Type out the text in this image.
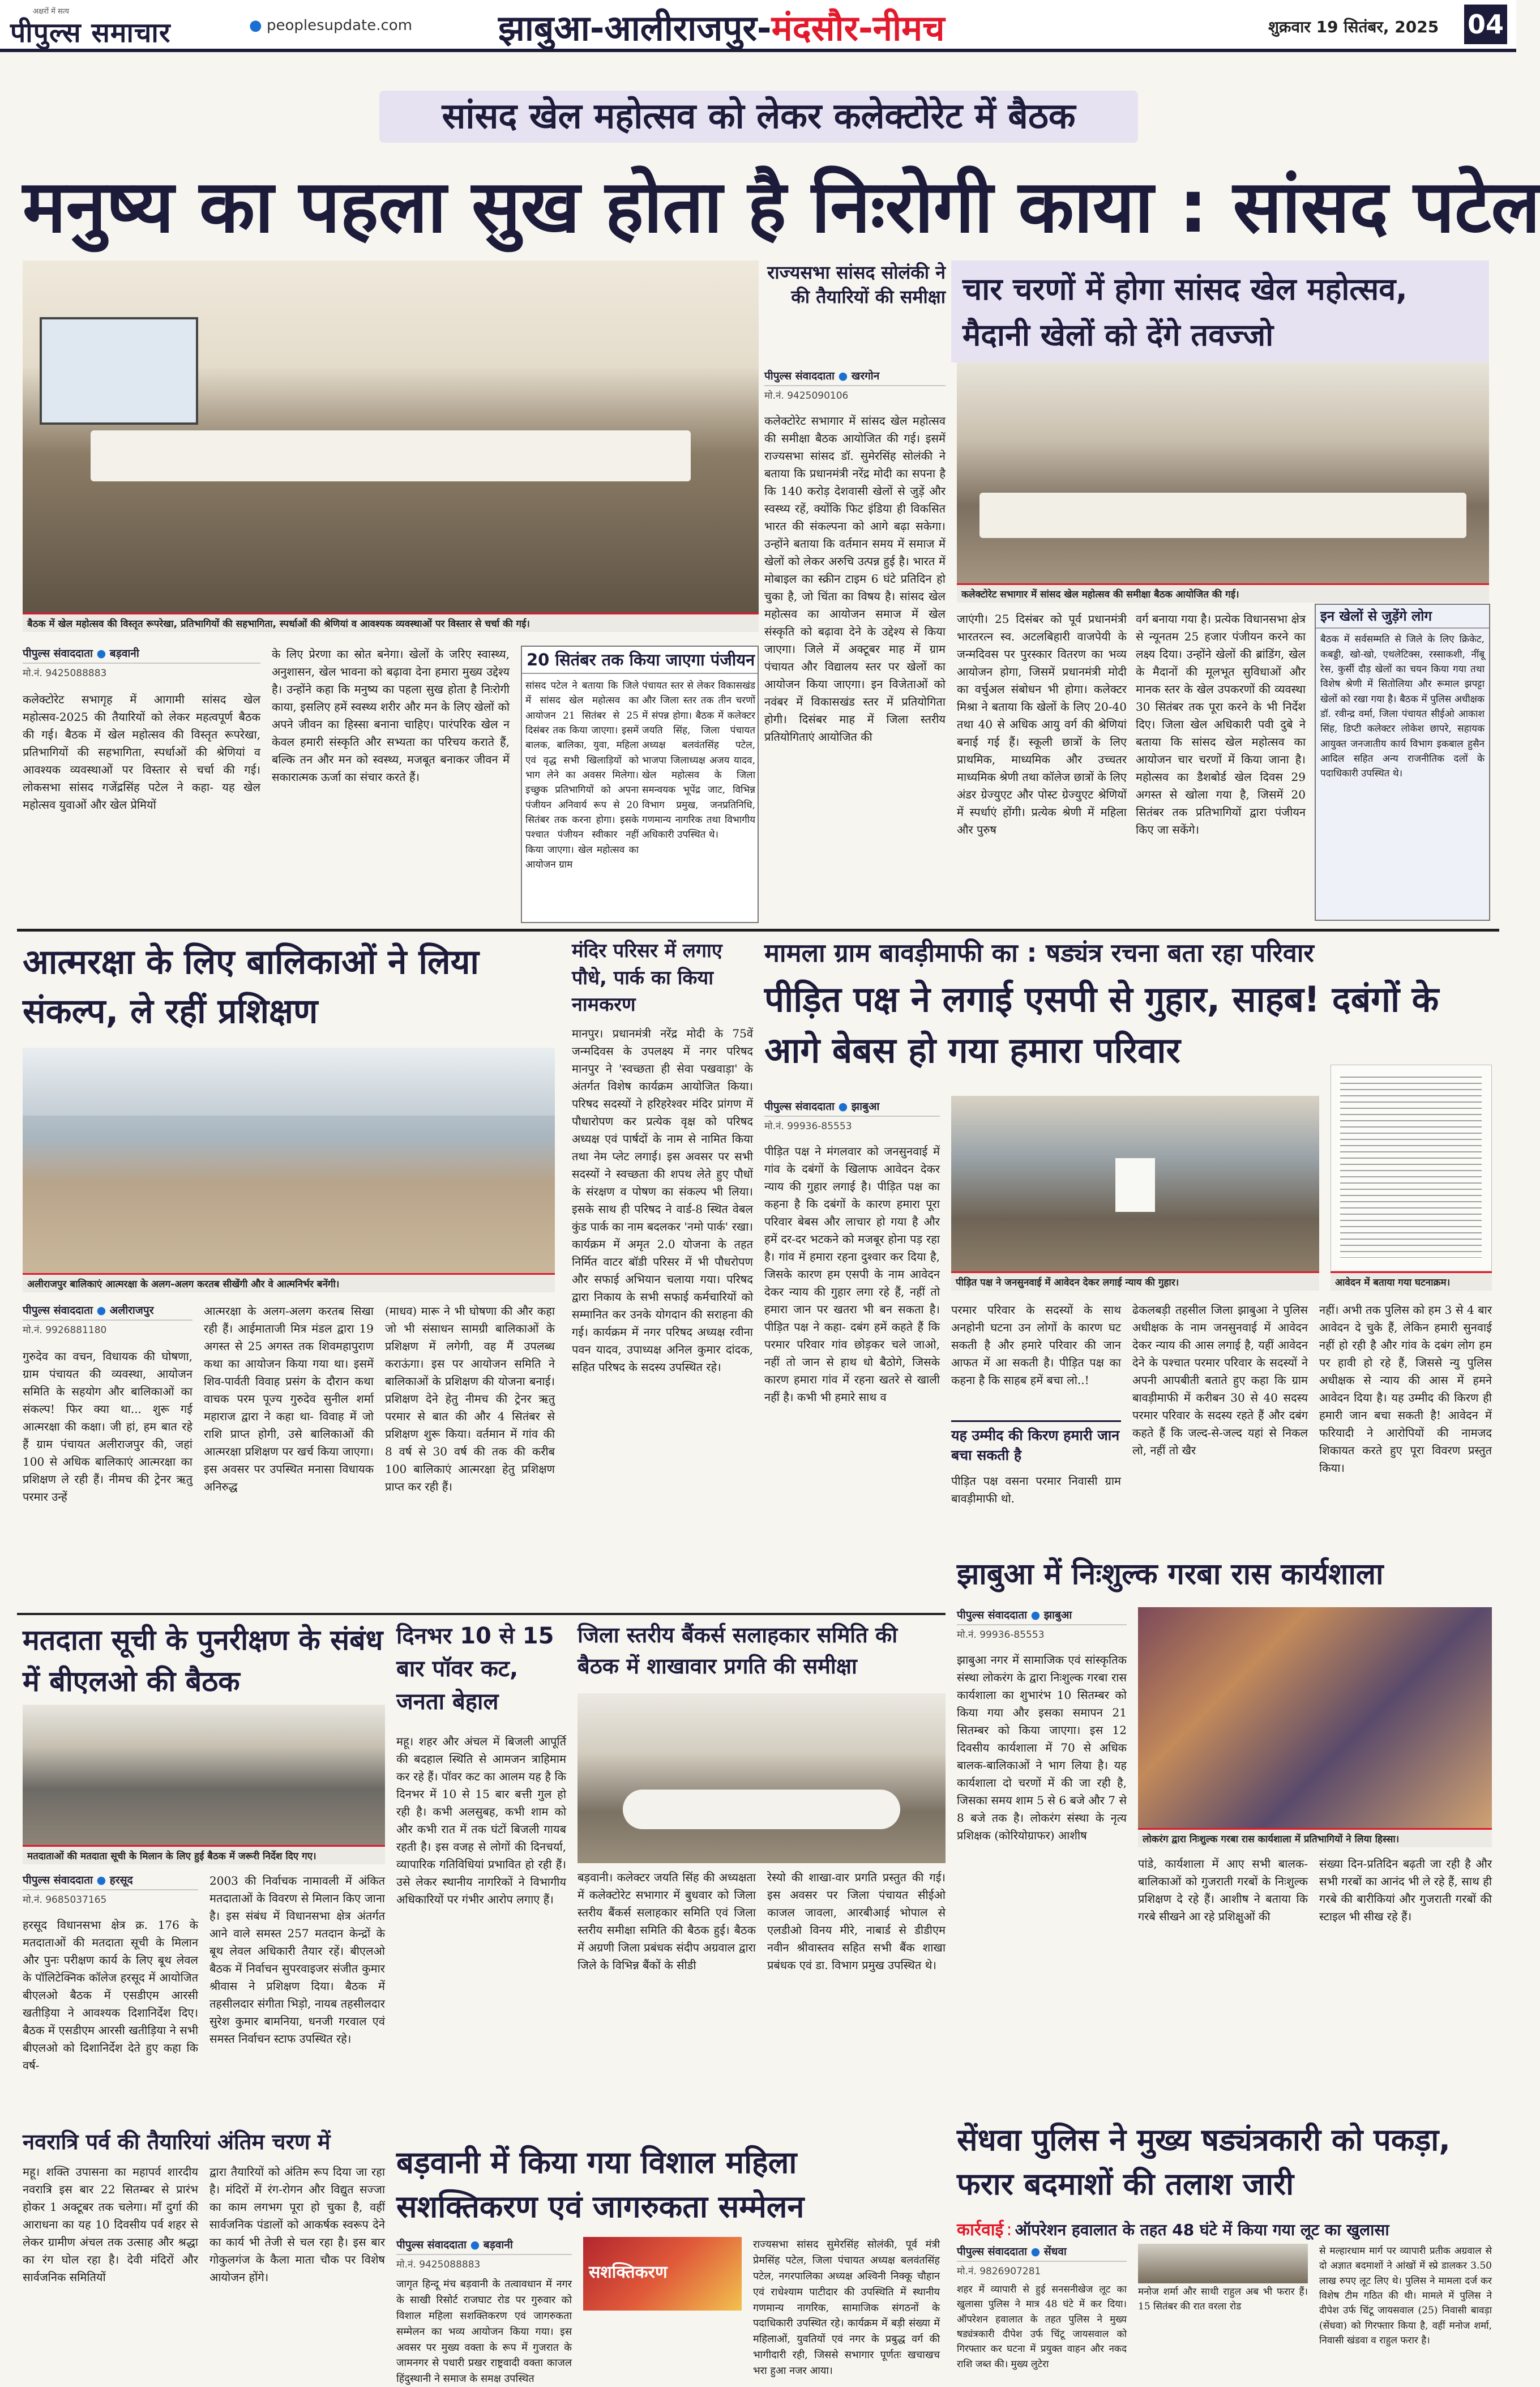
अक्षरों में सत्य
पीपुल्स समाचार	● peoplesupdate.com झाबुआ-आलीराजपुर-मंदसौर-नीमच	शुक्रवार 19 सितंबर, 2025 04
सांसद खेल महोत्सव को लेकर कलेक्टोरेट में बैठक
मनुष्य का पहला सुख होता है निःरोगी काया : सांसद पटेल
बैठक में खेल महोत्सव की विस्तृत रूपरेखा, प्रतिभागियों की सहभागिता, स्पर्धाओं की श्रेणियां व आवश्यक व्यवस्थाओं पर विस्तार से चर्चा की गई।
पीपुल्स संवाददाता ● बड़वानी
मो.नं. 9425088883
कलेक्टोरेट सभागृह में आगामी सांसद खेल महोत्सव-2025 की तैयारियों को लेकर महत्वपूर्ण बैठक की गई। बैठक में खेल महोत्सव की विस्तृत रूपरेखा, प्रतिभागियों की सहभागिता, स्पर्धाओं की श्रेणियां व आवश्यक व्यवस्थाओं पर विस्तार से चर्चा की गई। लोकसभा सांसद गजेंद्रसिंह पटेल ने कहा- यह खेल महोत्सव युवाओं और खेल प्रेमियों
के लिए प्रेरणा का स्रोत बनेगा। खेलों के जरिए स्वास्थ्य, अनुशासन, खेल भावना को बढ़ावा देना हमारा मुख्य उद्देश्य है। उन्होंने कहा कि मनुष्य का पहला सुख होता है निःरोगी काया, इसलिए हमें स्वस्थ्य शरीर और मन के लिए खेलों को अपने जीवन का हिस्सा बनाना चाहिए। पारंपरिक खेल न केवल हमारी संस्कृति और सभ्यता का परिचय कराते हैं, बल्कि तन और मन को स्वस्थ्य, मजबूत बनाकर जीवन में सकारात्मक ऊर्जा का संचार करते हैं।
20 सितंबर तक किया जाएगा पंजीयन
सांसद पटेल ने बताया कि जिले में सांसद खेल महोत्सव का आयोजन 21 सितंबर से 25 दिसंबर तक किया जाएगा। इसमें बालक, बालिका, युवा, महिला एवं वृद्ध सभी खिलाड़ियों को भाग लेने का अवसर मिलेगा। इच्छुक प्रतिभागियों को अपना पंजीयन अनिवार्य रूप से 20 सितंबर तक करना होगा। इसके पश्चात पंजीयन स्वीकार नहीं किया जाएगा। खेल महोत्सव का आयोजन ग्राम
पंचायत स्तर से लेकर विकासखंड और जिला स्तर तक तीन चरणों में संपन्न होगा। बैठक में कलेक्टर जयति सिंह, जिला पंचायत अध्यक्ष बलवंतसिंह पटेल, भाजपा जिलाध्यक्ष अजय यादव, खेल महोत्सव के जिला समन्वयक भूपेंद्र जाट, विभिन्न विभाग प्रमुख, जनप्रतिनिधि, गणमान्य नागरिक तथा विभागीय अधिकारी उपस्थित थे।
राज्यसभा सांसद सोलंकी ने की तैयारियों की समीक्षा चार चरणों में होगा सांसद खेल महोत्सव, मैदानी खेलों को देंगे तवज्जो
पीपुल्स संवाददाता ● खरगोन
मो.नं. 9425090106
कलेक्टोरेट सभागार में सांसद खेल महोत्सव की समीक्षा बैठक आयोजित की गई। इसमें राज्यसभा सांसद डॉ. सुमेरसिंह सोलंकी ने बताया कि प्रधानमंत्री नरेंद्र मोदी का सपना है कि 140 करोड़ देशवासी खेलों से जुड़ें और स्वस्थ्य रहें, क्योंकि फिट इंडिया ही विकसित भारत की संकल्पना को आगे बढ़ा सकेगा। उन्होंने बताया कि वर्तमान समय में समाज में खेलों को लेकर अरुचि उत्पन्न हुई है। भारत में मोबाइल का स्क्रीन टाइम 6 घंटे प्रतिदिन हो चुका है, जो चिंता का विषय है। सांसद खेल महोत्सव का आयोजन समाज में खेल संस्कृति को बढ़ावा देने के उद्देश्य से किया जाएगा। जिले में अक्टूबर माह में ग्राम पंचायत और विद्यालय स्तर पर खेलों का आयोजन किया जाएगा। इन विजेताओं को नवंबर में विकासखंड स्तर में प्रतियोगिता होगी। दिसंबर माह में जिला स्तरीय प्रतियोगिताएं आयोजित की
कलेक्टोरेट सभागार में सांसद खेल महोत्सव की समीक्षा बैठक आयोजित की गई।
जाएंगी। 25 दिसंबर को पूर्व प्रधानमंत्री भारतरत्न स्व. अटलबिहारी वाजपेयी के जन्मदिवस पर पुरस्कार वितरण का भव्य आयोजन होगा, जिसमें प्रधानमंत्री मोदी का वर्चुअल संबोधन भी होगा। कलेक्टर मिश्रा ने बताया कि खेलों के लिए 20-40 तथा 40 से अधिक आयु वर्ग की श्रेणियां बनाई गई हैं। स्कूली छात्रों के लिए प्राथमिक, माध्यमिक और उच्चतर माध्यमिक श्रेणी तथा कॉलेज छात्रों के लिए अंडर ग्रेज्युएट और पोस्ट ग्रेज्युएट श्रेणियों में स्पर्धाएं होंगी। प्रत्येक श्रेणी में महिला और पुरुष
वर्ग बनाया गया है। प्रत्येक विधानसभा क्षेत्र से न्यूनतम 25 हजार पंजीयन करने का लक्ष्य दिया। उन्होंने खेलों की ब्रांडिंग, खेल के मैदानों की मूलभूत सुविधाओं और मानक स्तर के खेल उपकरणों की व्यवस्था 30 सितंबर तक पूरा करने के भी निर्देश दिए। जिला खेल अधिकारी पवी दुबे ने बताया कि सांसद खेल महोत्सव का आयोजन चार चरणों में किया जाना है। महोत्सव का डैशबोर्ड खेल दिवस 29 अगस्त से खोला गया है, जिसमें 20 सितंबर तक प्रतिभागियों द्वारा पंजीयन किए जा सकेंगे।
इन खेलों से जुड़ेंगे लोग
बैठक में सर्वसम्मति से जिले के लिए क्रिकेट, कबड्डी, खो-खो, एथलेटिक्स, रस्साकशी, नींबू रेस, कुर्सी दौड़ खेलों का चयन किया गया तथा विशेष श्रेणी में सितोलिया और रूमाल झपट्टा खेलों को रखा गया है। बैठक में पुलिस अधीक्षक डॉ. रवीन्द्र वर्मा, जिला पंचायत सीईओ आकाश सिंह, डिप्टी कलेक्टर लोकेश छापरे, सहायक आयुक्त जनजातीय कार्य विभाग इकबाल हुसैन आदिल सहित अन्य राजनीतिक दलों के पदाधिकारी उपस्थित थे।
आत्मरक्षा के लिए बालिकाओं ने लिया संकल्प, ले रहीं प्रशिक्षण
अलीराजपुर बालिकाएं आत्मरक्षा के अलग-अलग करतब सीखेंगी और वे आत्मनिर्भर बनेंगी।
पीपुल्स संवाददाता ● अलीराजपुर
मो.नं. 9926881180
गुरुदेव का वचन, विधायक की घोषणा, ग्राम पंचायत की व्यवस्था, आयोजन समिति के सहयोग और बालिकाओं का संकल्प! फिर क्या था... शुरू गई आत्मरक्षा की कक्षा। जी हां, हम बात रहे हैं ग्राम पंचायत अलीराजपुर की, जहां 100 से अधिक बालिकाएं आत्मरक्षा का प्रशिक्षण ले रही हैं। नीमच की ट्रेनर ऋतु परमार उन्हें
आत्मरक्षा के अलग-अलग करतब सिखा रही हैं। आईमाताजी मित्र मंडल द्वारा 19 अगस्त से 25 अगस्त तक शिवमहापुराण कथा का आयोजन किया गया था। इसमें शिव-पार्वती विवाह प्रसंग के दौरान कथा वाचक परम पूज्य गुरुदेव सुनील शर्मा महाराज द्वारा ने कहा था- विवाह में जो राशि प्राप्त होगी, उसे बालिकाओं की आत्मरक्षा प्रशिक्षण पर खर्च किया जाएगा। इस अवसर पर उपस्थित मनासा विधायक अनिरुद्ध
(माधव) मारू ने भी घोषणा की और कहा जो भी संसाधन सामग्री बालिकाओं के प्रशिक्षण में लगेगी, वह मैं उपलब्ध कराऊंगा। इस पर आयोजन समिति ने बालिकाओं के प्रशिक्षण की योजना बनाई। प्रशिक्षण देने हेतु नीमच की ट्रेनर ऋतु परमार से बात की और 4 सितंबर से प्रशिक्षण शुरू किया। वर्तमान में गांव की 8 वर्ष से 30 वर्ष की तक की करीब 100 बालिकाएं आत्मरक्षा हेतु प्रशिक्षण प्राप्त कर रही हैं।
मंदिर परिसर में लगाए पौधे, पार्क का किया नामकरण
मानपुर। प्रधानमंत्री नरेंद्र मोदी के 75वें जन्मदिवस के उपलक्ष्य में नगर परिषद मानपुर ने 'स्वच्छता ही सेवा पखवाड़ा' के अंतर्गत विशेष कार्यक्रम आयोजित किया। परिषद सदस्यों ने हरिहरेश्वर मंदिर प्रांगण में पौधारोपण कर प्रत्येक वृक्ष को परिषद अध्यक्ष एवं पार्षदों के नाम से नामित किया तथा नेम प्लेट लगाई। इस अवसर पर सभी सदस्यों ने स्वच्छता की शपथ लेते हुए पौधों के संरक्षण व पोषण का संकल्प भी लिया। इसके साथ ही परिषद ने वार्ड-8 स्थित वेबल कुंड पार्क का नाम बदलकर 'नमो पार्क' रखा। कार्यक्रम में अमृत 2.0 योजना के तहत निर्मित वाटर बॉडी परिसर में भी पौधरोपण और सफाई अभियान चलाया गया। परिषद द्वारा निकाय के सभी सफाई कर्मचारियों को सम्मानित कर उनके योगदान की सराहना की गई। कार्यक्रम में नगर परिषद अध्यक्ष रवीना पवन यादव, उपाध्यक्ष अनिल कुमार दांदक, सहित परिषद के सदस्य उपस्थित रहे।
मामला ग्राम बावड़ीमाफी का : षड्यंत्र रचना बता रहा परिवार
पीड़ित पक्ष ने लगाई एसपी से गुहार, साहब! दबंगों के आगे बेबस हो गया हमारा परिवार
पीपुल्स संवाददाता ● झाबुआ
मो.नं. 99936-85553
पीड़ित पक्ष ने मंगलवार को जनसुनवाई में गांव के दबंगों के खिलाफ आवेदन देकर न्याय की गुहार लगाई है। पीड़ित पक्ष का कहना है कि दबंगों के कारण हमारा पूरा परिवार बेबस और लाचार हो गया है और हमें दर-दर भटकने को मजबूर होना पड़ रहा है। गांव में हमारा रहना दुश्वार कर दिया है, जिसके कारण हम एसपी के नाम आवेदन देकर न्याय की गुहार लगा रहे हैं, नहीं तो हमारा जान पर खतरा भी बन सकता है। पीड़ित पक्ष ने कहा- दबंग हमें कहते हैं कि परमार परिवार गांव छोड़कर चले जाओ, नहीं तो जान से हाथ धो बैठोगे, जिसके कारण हमारा गांव में रहना खतरे से खाली नहीं है। कभी भी हमारे साथ व
पीड़ित पक्ष ने जनसुनवाई में आवेदन देकर लगाई न्याय की गुहार।	आवेदन में बताया गया घटनाक्रम।
परमार परिवार के सदस्यों के साथ अनहोनी घटना उन लोगों के कारण घट सकती है और हमारे परिवार की जान आफत में आ सकती है। पीड़ित पक्ष का कहना है कि साहब हमें बचा लो..!
यह उम्मीद की किरण हमारी जान बचा सकती है
पीड़ित पक्ष वसना परमार निवासी ग्राम बावड़ीमाफी थो.
ढेकलबड़ी तहसील जिला झाबुआ ने पुलिस अधीक्षक के नाम जनसुनवाई में आवेदन देकर न्याय की आस लगाई है, यहीं आवेदन देने के पश्चात परमार परिवार के सदस्यों ने अपनी आपबीती बताते हुए कहा कि ग्राम बावड़ीमाफी में करीबन 30 से 40 सदस्य परमार परिवार के सदस्य रहते हैं और दबंग कहते हैं कि जल्द-से-जल्द यहां से निकल लो, नहीं तो खैर
नहीं। अभी तक पुलिस को हम 3 से 4 बार आवेदन दे चुके हैं, लेकिन हमारी सुनवाई नहीं हो रही है और गांव के दबंग लोग हम पर हावी हो रहे हैं, जिससे न्यु पुलिस अधीक्षक से न्याय की आस में हमने आवेदन दिया है। यह उम्मीद की किरण ही हमारी जान बचा सकती है! आवेदन में फरियादी ने आरोपियों की नामजद शिकायत करते हुए पूरा विवरण प्रस्तुत किया।
मतदाता सूची के पुनरीक्षण के संबंध में बीएलओ की बैठक
मतदाताओं की मतदाता सूची के मिलान के लिए हुई बैठक में जरूरी निर्देश दिए गए।
पीपुल्स संवाददाता ● हरसूद
मो.नं. 9685037165
हरसूद विधानसभा क्षेत्र क्र. 176 के मतदाताओं की मतदाता सूची के मिलान और पुनः परीक्षण कार्य के लिए बूथ लेवल के पॉलिटेक्निक कॉलेज हरसूद में आयोजित बीएलओ बैठक में एसडीएम आरसी खतीड़िया ने आवश्यक दिशानिर्देश दिए। बैठक में एसडीएम आरसी खतीड़िया ने सभी बीएलओ को दिशानिर्देश देते हुए कहा कि वर्ष-
2003 की निर्वाचक नामावली में अंकित मतदाताओं के विवरण से मिलान किए जाना है। इस संबंध में विधानसभा क्षेत्र अंतर्गत आने वाले समस्त 257 मतदान केन्द्रों के बूथ लेवल अधिकारी तैयार रहें। बीएलओ बैठक में निर्वाचन सुपरवाइजर संजीत कुमार श्रीवास ने प्रशिक्षण दिया। बैठक में तहसीलदार संगीता भिड़ो, नायब तहसीलदार सुरेश कुमार बामनिया, धनजी गरवाल एवं समस्त निर्वाचन स्टाफ उपस्थित रहे।
दिनभर 10 से 15 बार पॉवर कट, जनता बेहाल
महू। शहर और अंचल में बिजली आपूर्ति की बदहाल स्थिति से आमजन त्राहिमाम कर रहे हैं। पॉवर कट का आलम यह है कि दिनभर में 10 से 15 बार बत्ती गुल हो रही है। कभी अलसुबह, कभी शाम को और कभी रात में तक घंटों बिजली गायब रहती है। इस वजह से लोगों की दिनचर्या, व्यापारिक गतिविधियां प्रभावित हो रही हैं। उसे लेकर स्थानीय नागरिकों ने विभागीय अधिकारियों पर गंभीर आरोप लगाए हैं।
जिला स्तरीय बैंकर्स सलाहकार समिति की बैठक में शाखावार प्रगति की समीक्षा
बड़वानी। कलेक्टर जयति सिंह की अध्यक्षता में कलेक्टोरेट सभागार में बुधवार को जिला स्तरीय बैंकर्स सलाहकार समिति एवं जिला स्तरीय समीक्षा समिति की बैठक हुई। बैठक में अग्रणी जिला प्रबंधक संदीप अग्रवाल द्वारा जिले के विभिन्न बैंकों के सीडी
रेस्यो की शाखा-वार प्रगति प्रस्तुत की गई। इस अवसर पर जिला पंचायत सीईओ काजल जावला, आरबीआई भोपाल से एलडीओ विनय मीरे, नाबार्ड से डीडीएम नवीन श्रीवास्तव सहित सभी बैंक शाखा प्रबंधक एवं डा. विभाग प्रमुख उपस्थित थे।
झाबुआ में निःशुल्क गरबा रास कार्यशाला
पीपुल्स संवाददाता ● झाबुआ
मो.नं. 99936-85553
झाबुआ नगर में सामाजिक एवं सांस्कृतिक संस्था लोकरंग के द्वारा निःशुल्क गरबा रास कार्यशाला का शुभारंभ 10 सितम्बर को किया गया और इसका समापन 21 सितम्बर को किया जाएगा। इस 12 दिवसीय कार्यशाला में 70 से अधिक बालक-बालिकाओं ने भाग लिया है। यह कार्यशाला दो चरणों में की जा रही है, जिसका समय शाम 5 से 6 बजे और 7 से 8 बजे तक है। लोकरंग संस्था के नृत्य प्रशिक्षक (कोरियोग्राफर) आशीष	लोकरंग द्वारा निःशुल्क गरबा रास कार्यशाला में प्रतिभागियों ने लिया हिस्सा।
पांडे, कार्यशाला में आए सभी बालक-बालिकाओं को गुजराती गरबों के निःशुल्क प्रशिक्षण दे रहे हैं। आशीष ने बताया कि गरबे सीखने आ रहे प्रशिक्षुओं की
संख्या दिन-प्रतिदिन बढ़ती जा रही है और सभी गरबों का आनंद भी ले रहे हैं, साथ ही गरबे की बारीकियां और गुजराती गरबों की स्टाइल भी सीख रहे हैं।
नवरात्रि पर्व की तैयारियां अंतिम चरण में
महू। शक्ति उपासना का महापर्व शारदीय नवरात्रि इस बार 22 सितम्बर से प्रारंभ होकर 1 अक्टूबर तक चलेगा। माँ दुर्गा की आराधना का यह 10 दिवसीय पर्व शहर से लेकर ग्रामीण अंचल तक उत्साह और श्रद्धा का रंग घोल रहा है। देवी मंदिरों और सार्वजनिक समितियों
द्वारा तैयारियों को अंतिम रूप दिया जा रहा है। मंदिरों में रंग-रोगन और विद्युत सज्जा का काम लगभग पूरा हो चुका है, वहीं सार्वजनिक पंडालों को आकर्षक स्वरूप देने का कार्य भी तेजी से चल रहा है। इस बार गोकुलगंज के कैला माता चौक पर विशेष आयोजन होंगे।
बड़वानी में किया गया विशाल महिला सशक्तिकरण एवं जागरुकता सम्मेलन
पीपुल्स संवाददाता ● बड़वानी
मो.नं. 9425088883
जागृत हिन्दू मंच बड़वानी के तत्वावधान में नगर के साखी रिसोर्ट राजघाट रोड पर गुरुवार को विशाल महिला सशक्तिकरण एवं जागरुकता सम्मेलन का भव्य आयोजन किया गया। इस अवसर पर मुख्य वक्ता के रूप में गुजरात के जामनगर से पधारी प्रखर राष्ट्रवादी वक्ता काजल हिंदुस्थानी ने समाज के समक्ष उपस्थित
सशक्तिकरण
राज्यसभा सांसद सुमेरसिंह सोलंकी, पूर्व मंत्री प्रेमसिंह पटेल, जिला पंचायत अध्यक्ष बलवंतसिंह पटेल, नगरपालिका अध्यक्ष अश्विनी निक्कू चौहान एवं राधेश्याम पाटीदार की उपस्थिति में स्थानीय गणमान्य नागरिक, सामाजिक संगठनों के पदाधिकारी उपस्थित रहे। कार्यक्रम में बड़ी संख्या में महिलाओं, युवतियों एवं नगर के प्रबुद्ध वर्ग की भागीदारी रही, जिससे सभागार पूर्णतः खचाखच भरा हुआ नजर आया।
सेंधवा पुलिस ने मुख्य षड्यंत्रकारी को पकड़ा, फरार बदमाशों की तलाश जारी
कार्रवाई : ऑपरेशन हवालात के तहत 48 घंटे में किया गया लूट का खुलासा
पीपुल्स संवाददाता ● सेंधवा
मो.नं. 9826907281
शहर में व्यापारी से हुई सनसनीखेज लूट का खुलासा पुलिस ने मात्र 48 घंटे में कर दिया। ऑपरेशन हवालात के तहत पुलिस ने मुख्य षड्यंत्रकारी दीपेश उर्फ चिंटू जायसवाल को गिरफ्तार कर घटना में प्रयुक्त वाहन और नकद राशि जब्त की। मुख्य लुटेरा
मनोज शर्मा और साथी राहुल अब भी फरार हैं। 15 सितंबर की रात वरला रोड
से मल्हारधाम मार्ग पर व्यापारी प्रतीक अग्रवाल से दो अज्ञात बदमाशों ने आंखों में स्प्रे डालकर 3.50 लाख रुपए लूट लिए थे। पुलिस ने मामला दर्ज कर विशेष टीम गठित की थी। मामले में पुलिस ने दीपेश उर्फ चिंटू जायसवाल (25) निवासी बावड़ा (सेंधवा) को गिरफ्तार किया है, वहीं मनोज शर्मा, निवासी खंडवा व राहुल फरार है।
